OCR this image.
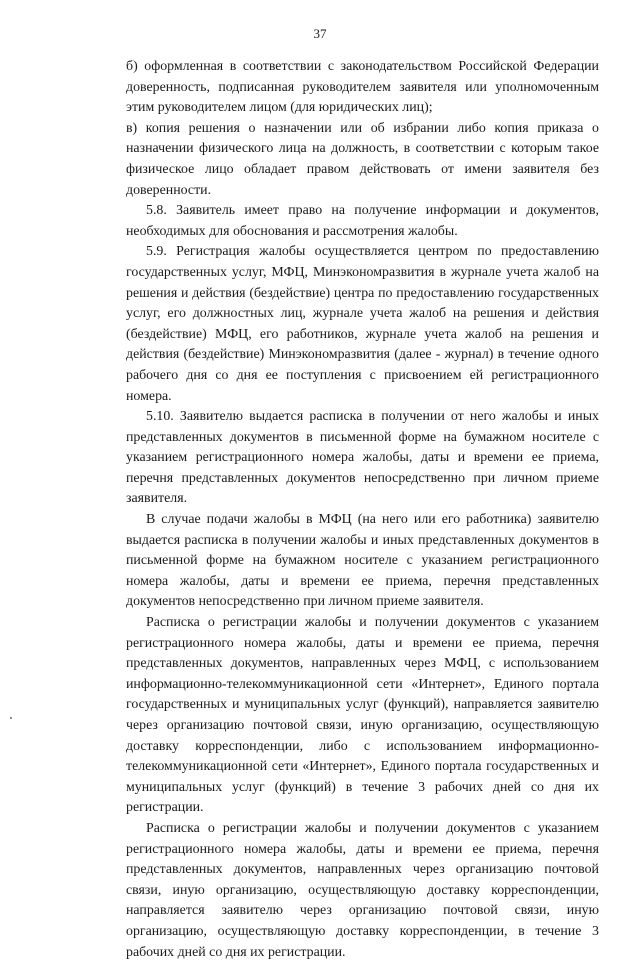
37

б) оформленная в соответствии с законодательством Российской Федерации доверенность, подписанная руководителем заявителя или уполномоченным этим руководителем лицом (для юридических лиц);

в) копия решения о назначении или об избрании либо копия приказа о назначении физического лица на должность, в соответствии с которым такое физическое лицо обладает правом действовать от имени заявителя без доверенности.

5.8. Заявитель имеет право на получение информации и документов, необходимых для обоснования и рассмотрения жалобы.

5.9. Регистрация жалобы осуществляется центром по предоставлению государственных услуг, МФЦ, Минэкономразвития в журнале учета жалоб на решения и действия (бездействие) центра по предоставлению государственных услуг, его должностных лиц, журнале учета жалоб на решения и действия (бездействие) МФЦ, его работников, журнале учета жалоб на решения и действия (бездействие) Минэкономразвития (далее - журнал) в течение одного рабочего дня со дня ее поступления с присвоением ей регистрационного номера.

5.10. Заявителю выдается расписка в получении от него жалобы и иных представленных документов в письменной форме на бумажном носителе с указанием регистрационного номера жалобы, даты и времени ее приема, перечня представленных документов непосредственно при личном приеме заявителя.

В случае подачи жалобы в МФЦ (на него или его работника) заявителю выдается расписка в получении жалобы и иных представленных документов в письменной форме на бумажном носителе с указанием регистрационного номера жалобы, даты и времени ее приема, перечня представленных документов непосредственно при личном приеме заявителя.

Расписка о регистрации жалобы и получении документов с указанием регистрационного номера жалобы, даты и времени ее приема, перечня представленных документов, направленных через МФЦ, с использованием информационно-телекоммуникационной сети «Интернет», Единого портала государственных и муниципальных услуг (функций), направляется заявителю через организацию почтовой связи, иную организацию, осуществляющую доставку корреспонденции, либо с использованием информационно-телекоммуникационной сети «Интернет», Единого портала государственных и муниципальных услуг (функций) в течение 3 рабочих дней со дня их регистрации.

Расписка о регистрации жалобы и получении документов с указанием регистрационного номера жалобы, даты и времени ее приема, перечня представленных документов, направленных через организацию почтовой связи, иную организацию, осуществляющую доставку корреспонденции, направляется заявителю через организацию почтовой связи, иную организацию, осуществляющую доставку корреспонденции, в течение 3 рабочих дней со дня их регистрации.
